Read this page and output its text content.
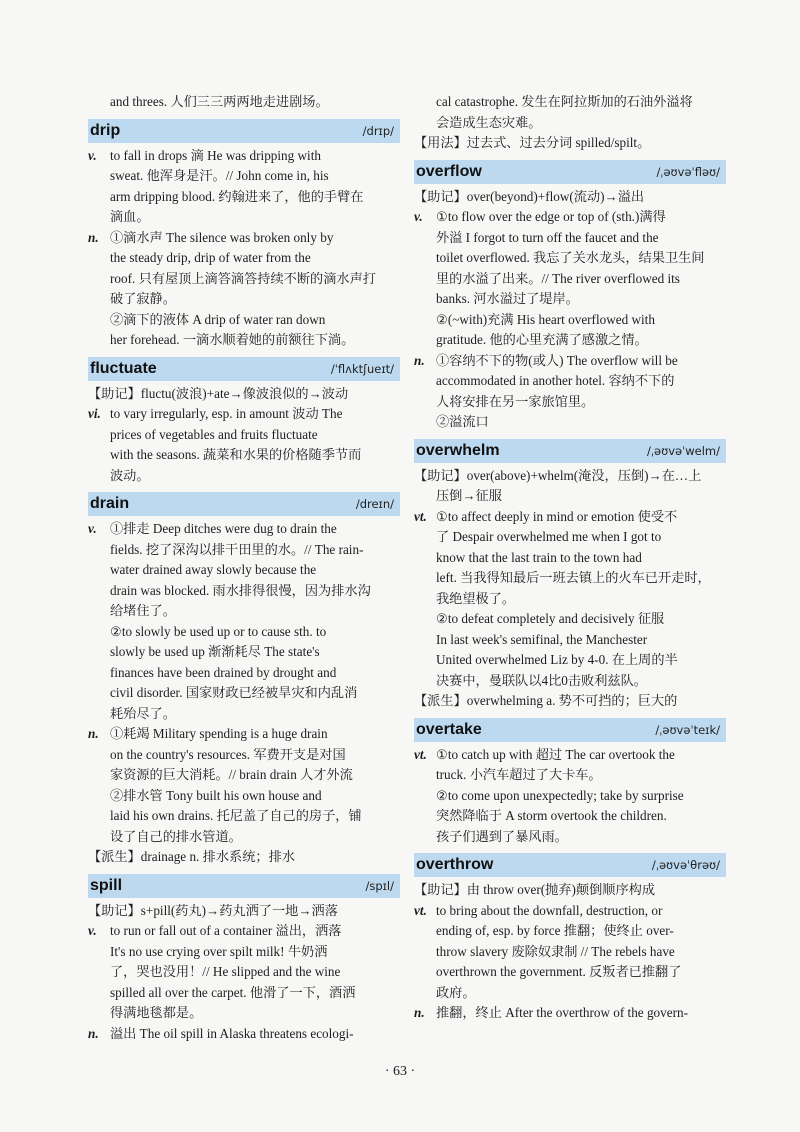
and threes. 人们三三两两地走进剧场。
drip	/drɪp/
v. to fall in drops 滴 He was dripping with
sweat. 他浑身是汗。// John come in, his
arm dripping blood. 约翰进来了，他的手臂在
滴血。
n. ①滴水声 The silence was broken only by
the steady drip, drip of water from the
roof. 只有屋顶上滴答滴答持续不断的滴水声打
破了寂静。
②滴下的液体 A drip of water ran down
her forehead. 一滴水顺着她的前额往下淌。
fluctuate	/ˈflʌktʃueɪt/
【助记】fluctu(波浪)+ate→像波浪似的→波动
vi. to vary irregularly, esp. in amount 波动 The
prices of vegetables and fruits fluctuate
with the seasons. 蔬菜和水果的价格随季节而
波动。
drain	/dreɪn/
v. ①排走 Deep ditches were dug to drain the
fields. 挖了深沟以排干田里的水。// The rain-
water drained away slowly because the
drain was blocked. 雨水排得很慢，因为排水沟
给堵住了。
②to slowly be used up or to cause sth. to
slowly be used up 渐渐耗尽 The state's
finances have been drained by drought and
civil disorder. 国家财政已经被旱灾和内乱消
耗殆尽了。
n. ①耗竭 Military spending is a huge drain
on the country's resources. 军费开支是对国
家资源的巨大消耗。// brain drain 人才外流
②排水管 Tony built his own house and
laid his own drains. 托尼盖了自己的房子，铺
设了自己的排水管道。
【派生】drainage n. 排水系统；排水
spill	/spɪl/
【助记】s+pill(药丸)→药丸洒了一地→洒落
v. to run or fall out of a container 溢出，洒落
It's no use crying over spilt milk! 牛奶洒
了，哭也没用！// He slipped and the wine
spilled all over the carpet. 他滑了一下，酒洒
得满地毯都是。
n. 溢出 The oil spill in Alaska threatens ecologi-
cal catastrophe. 发生在阿拉斯加的石油外溢将
会造成生态灾难。
【用法】过去式、过去分词 spilled/spilt。
overflow	/ˌəʊvəˈfləʊ/
【助记】over(beyond)+flow(流动)→溢出
v. ①to flow over the edge or top of (sth.)满得
外溢 I forgot to turn off the faucet and the
toilet overflowed. 我忘了关水龙头，结果卫生间
里的水溢了出来。// The river overflowed its
banks. 河水溢过了堤岸。
②(~with)充满 His heart overflowed with
gratitude. 他的心里充满了感激之情。
n. ①容纳不下的物(或人) The overflow will be
accommodated in another hotel. 容纳不下的
人将安排在另一家旅馆里。
②溢流口
overwhelm	/ˌəʊvəˈwelm/
【助记】over(above)+whelm(淹没，压倒)→在…上
压倒→征服
vt. ①to affect deeply in mind or emotion 使受不
了 Despair overwhelmed me when I got to
know that the last train to the town had
left. 当我得知最后一班去镇上的火车已开走时，
我绝望极了。
②to defeat completely and decisively 征服
In last week's semifinal, the Manchester
United overwhelmed Liz by 4-0. 在上周的半
决赛中，曼联队以4比0击败利兹队。
【派生】overwhelming a. 势不可挡的；巨大的
overtake	/ˌəʊvəˈteɪk/
vt. ①to catch up with 超过 The car overtook the
truck. 小汽车超过了大卡车。
②to come upon unexpectedly; take by surprise
突然降临于 A storm overtook the children.
孩子们遇到了暴风雨。
overthrow	/ˌəʊvəˈθrəʊ/
【助记】由 throw over(抛弃)颠倒顺序构成
vt. to bring about the downfall, destruction, or
ending of, esp. by force 推翻；使终止 over-
throw slavery 废除奴隶制 // The rebels have
overthrown the government. 反叛者已推翻了
政府。
n. 推翻，终止 After the overthrow of the govern-
· 63 ·
